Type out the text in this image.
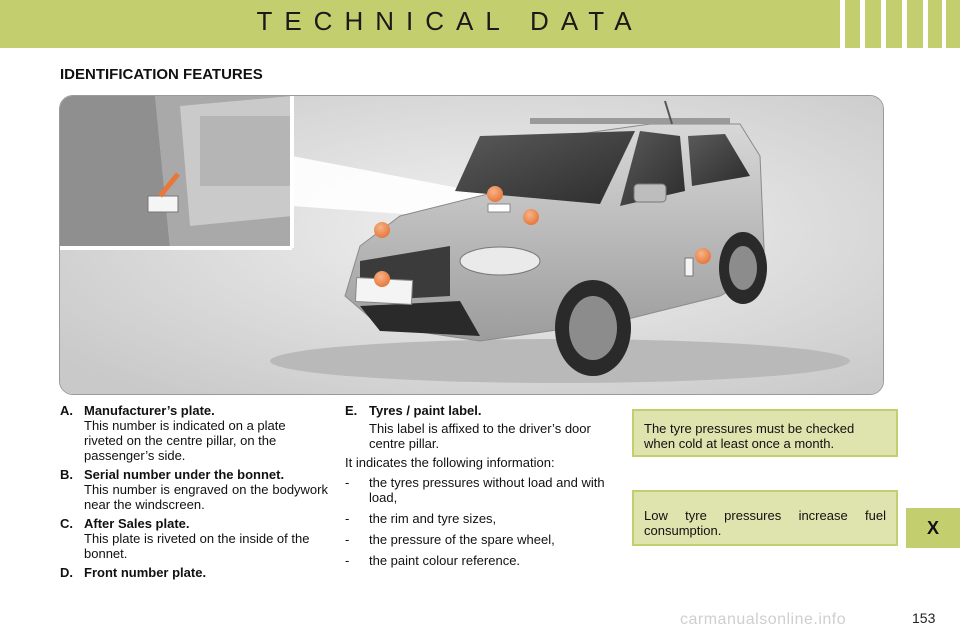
TECHNICAL DATA
IDENTIFICATION FEATURES
A. Manufacturer’s plate.
This number is indicated on a plate riveted on the centre pillar, on the passenger’s side.
B. Serial number under the bonnet.
This number is engraved on the bodywork near the windscreen.
C. After Sales plate.
This plate is riveted on the inside of the bonnet.
D. Front number plate.
E. Tyres / paint label.
This label is affixed to the driver’s door centre pillar.
It indicates the following information:
- the tyres pressures without load and with load,
- the rim and tyre sizes,
- the pressure of the spare wheel,
- the paint colour reference.
The tyre pressures must be checked when cold at least once a month.
Low tyre pressures increase fuel consumption.	X
carmanualsonline.info	153
